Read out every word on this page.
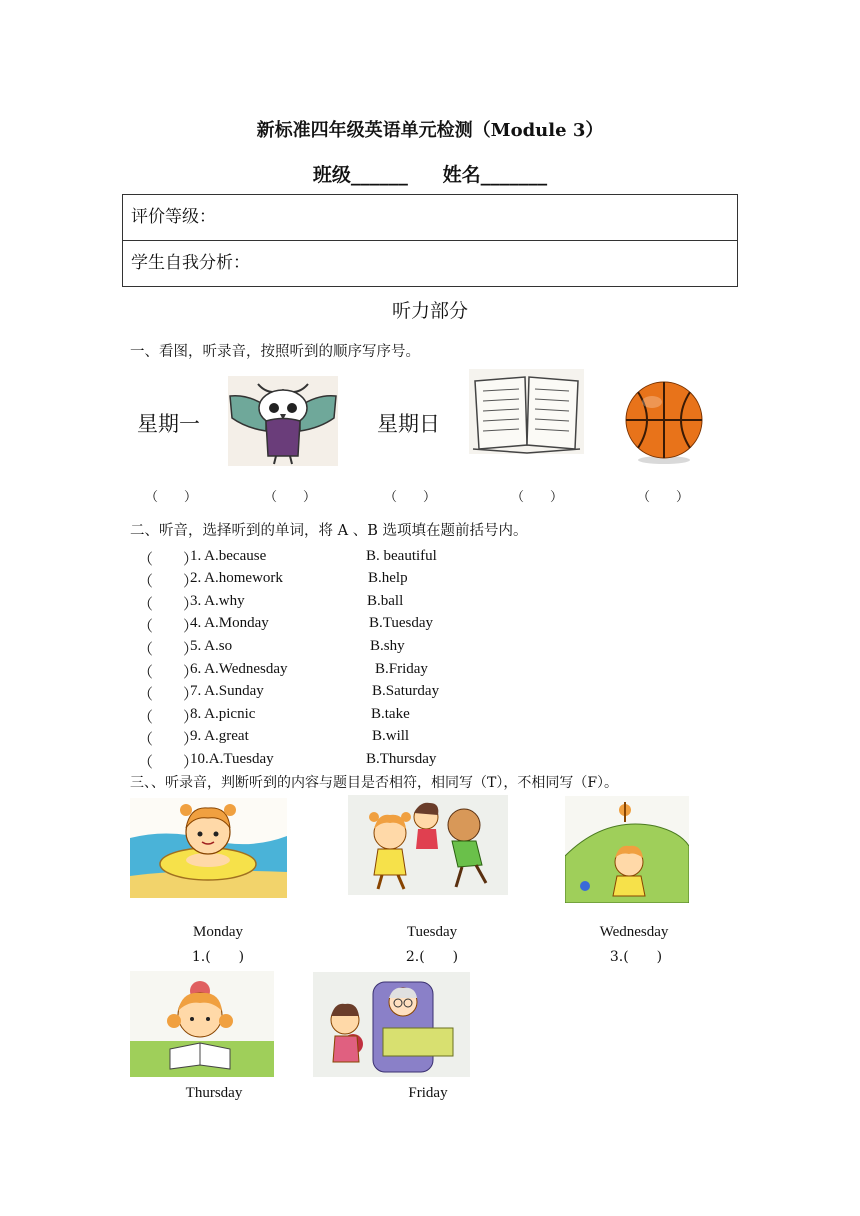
新标准四年级英语单元检测（Module 3）
班级______ 姓名_______
评价等级：
学生自我分析：
听力部分
一、看图，听录音，按照听到的顺序写序号。
星期一	星期日
（　　）	（　　）	（　　）	（　　）	（　　）
二、听音，选择听到的单词，将 A 、B 选项填在题前括号内。
（　　）
1. A.because	B. beautiful
（　　）
2. A.homework	B.help
（　　）
3. A.why	B.ball
（　　）
4. A.Monday	B.Tuesday
（　　）
5. A.so	B.shy
（　　）
6. A.Wednesday	B.Friday
（　　）
7. A.Sunday	B.Saturday
（　　）
8. A.picnic	B.take
（　　）
9. A.great	B.will
（　　）
10.A.Tuesday	B.Thursday
三、、听录音，判断听到的内容与题目是否相符，相同写（T），不相同写（F）。
Monday	Tuesday	Wednesday
1.(　　)	2.(　　)	3.(　　)
Thursday	Friday
